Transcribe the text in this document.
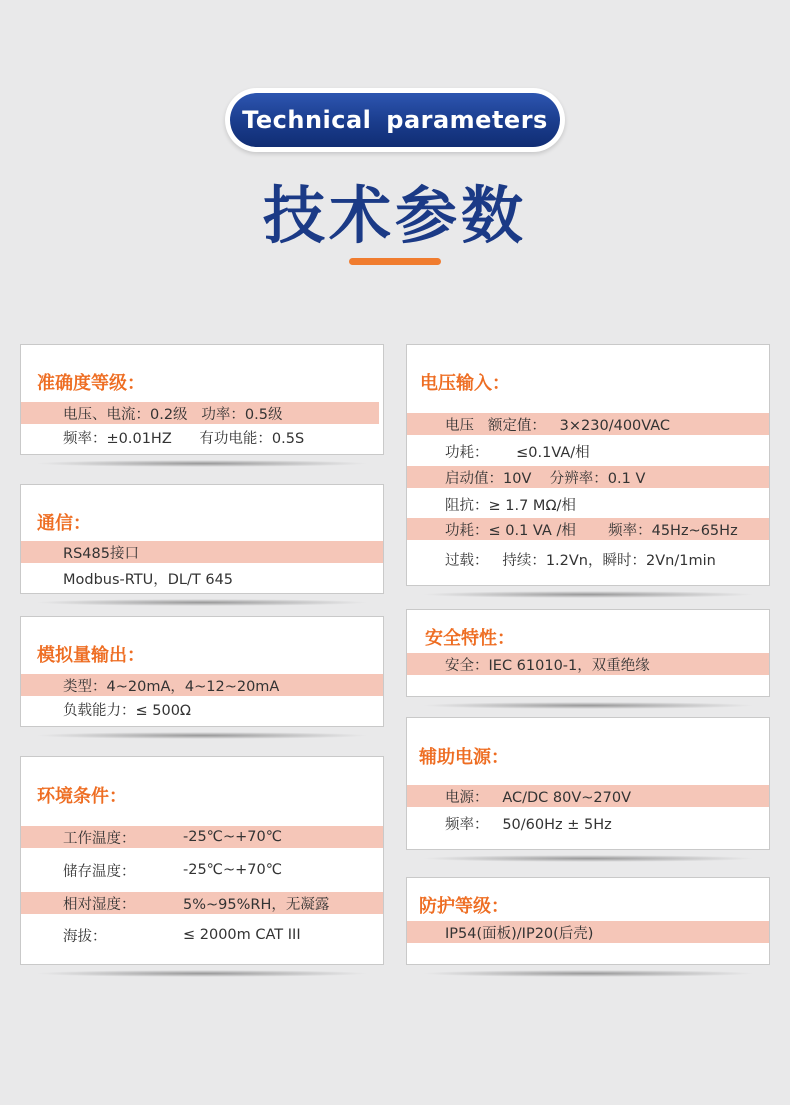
Technical parameters
技术参数
准确度等级：
电压、电流：0.2级   功率：0.5级
频率：±0.01HZ      有功电能：0.5S
通信：
RS485接口
Modbus-RTU，DL/T 645
模拟量输出：
类型：4~20mA，4~12~20mA
负载能力：≤ 500Ω
环境条件：
工作温度：	-25℃~+70℃
储存温度：	-25℃~+70℃
相对湿度：	5%~95%RH，无凝露
海拔：	≤ 2000m CAT III
电压输入：
电压   额定值：   3×230/400VAC
功耗：      ≤0.1VA/相
启动值：10V    分辨率：0.1 V
阻抗：≥ 1.7 MΩ/相
功耗：≤ 0.1 VA /相       频率：45Hz~65Hz
过载：   持续：1.2Vn，瞬时：2Vn/1min
安全特性：
安全：IEC 61010-1，双重绝缘
辅助电源：
电源：   AC/DC 80V~270V
频率：   50/60Hz ± 5Hz
防护等级：
IP54(面板)/IP20(后壳)
